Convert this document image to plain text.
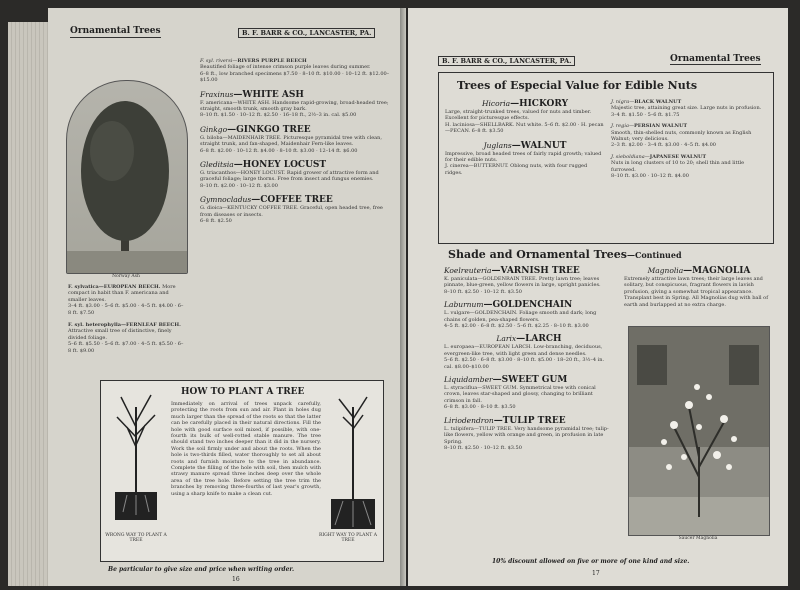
Ornamental Trees	B. F. BARR & CO., LANCASTER, PA.
Norway Ash
F. sylvatica—EUROPEAN BEECH. More compact in habit than F. americana and smaller leaves.
3–4 ft. $3.00 · 5–6 ft. $5.00 · 4–5 ft. $4.00 · 6–8 ft. $7.50
F. syl. heterophylla—FERNLEAF BEECH. Attractive small tree of distinctive, finely divided foliage.
5–6 ft. $5.50 · 5–6 ft. $7.00 · 4–5 ft. $5.50 · 6–8 ft. $9.00
F. syl. riversi—RIVERS PURPLE BEECH
Beautified foliage of intense crimson purple leaves during summer.
6–8 ft., low branched specimens $7.50 · 8–10 ft. $10.00 · 10–12 ft. $12.00–$15.00
Fraxinus—WHITE ASH
F. americana—WHITE ASH. Handsome rapid-growing, broad-headed tree; straight, smooth trunk, smooth gray bark.
8–10 ft. $1.50 · 10–12 ft. $2.50 · 16–18 ft., 2½–3 in. cal. $5.00
Ginkgo—GINKGO TREE
G. biloba—MAIDENHAIR TREE. Picturesque pyramidal tree with clean, straight trunk, and fan-shaped, Maidenhair Fern-like leaves.
6–8 ft. $2.00 · 10–12 ft. $4.00 · 8–10 ft. $3.00 · 12–14 ft. $6.00
Gleditsia—HONEY LOCUST
G. triacanthos—HONEY LOCUST. Rapid grower of attractive form and graceful foliage; large thorns. Free from insect and fungus enemies.
8–10 ft. $2.00 · 10–12 ft. $3.00
Gymnocladus—COFFEE TREE
G. dioica—KENTUCKY COFFEE TREE. Graceful, open headed tree, free from diseases or insects.
6–8 ft. $2.50
WRONG WAY TO PLANT A TREE
HOW TO PLANT A TREE
Immediately on arrival of trees unpack carefully, protecting the roots from sun and air. Plant in holes dug much larger than the spread of the roots so that the latter can be carefully placed in their natural directions. Fill the hole with good surface soil mixed, if possible, with one-fourth its bulk of well-rotted stable manure. The tree should stand two inches deeper than it did in the nursery. Work the soil firmly under and about the roots. When the hole is two-thirds filled, water thoroughly to set all about roots and furnish moisture to the tree in abundance. Complete the filling of the hole with soil, then mulch with strawy manure spread three inches deep over the whole area of the tree hole. Before setting the tree trim the branches by removing three-fourths of last year's growth, using a sharp knife to make a clean cut.
RIGHT WAY TO PLANT A TREE
Be particular to give size and price when writing order.
16
B. F. BARR & CO., LANCASTER, PA.	Ornamental Trees
Trees of Especial Value for Edible Nuts
Hicoria—HICKORY
Large, straight-trunked trees, valued for nuts and timber. Excellent for picturesque effects.
H. laciniosa—SHELLBARK. Nut white. 5–6 ft. $2.00 · H. pecan—PECAN. 6–8 ft. $3.50
Juglans—WALNUT
Impressive, broad headed trees of fairly rapid growth; valued for their edible nuts.
J. cinerea—BUTTERNUT. Oblong nuts, with four rugged ridges.
J. nigra—BLACK WALNUT
Majestic tree, attaining great size. Large nuts in profusion.
3–4 ft. $1.50 · 5–6 ft. $1.75
J. regia—PERSIAN WALNUT
Smooth, thin-shelled nuts, commonly known as English Walnut; very delicious.
2–3 ft. $2.00 · 3–4 ft. $3.00 · 4–5 ft. $4.00
J. sieboldiana—JAPANESE WALNUT
Nuts in long clusters of 10 to 20; shell thin and little furrowed.
8–10 ft. $3.00 · 10–12 ft. $4.00
Shade and Ornamental Trees—Continued
Koelreuteria—VARNISH TREE
K. paniculata—GOLDENRAIN TREE. Pretty lawn tree; leaves pinnate, blue-green, yellow flowers in large, upright panicles.
8–10 ft. $2.50 · 10–12 ft. $3.50
Laburnum—GOLDENCHAIN
L. vulgare—GOLDENCHAIN. Foliage smooth and dark; long chains of golden, pea-shaped flowers.
4–5 ft. $2.00 · 6–8 ft. $2.50 · 5–6 ft. $2.25 · 8–10 ft. $3.00
Larix—LARCH
L. europaea—EUROPEAN LARCH. Low-branching, deciduous, evergreen-like tree, with light green and dense needles.
5–6 ft. $2.50 · 6–8 ft. $3.00 · 8–10 ft. $5.00 · 18–20 ft., 3½–4 in. cal. $8.00–$10.00
Liquidamber—SWEET GUM
L. styraciflua—SWEET GUM. Symmetrical tree with conical crown, leaves star-shaped and glossy, changing to brilliant crimson in fall.
6–8 ft. $3.00 · 8–10 ft. $3.50
Liriodendron—TULIP TREE
L. tulipifera—TULIP TREE. Very handsome pyramidal tree; tulip-like flowers, yellow with orange and green, in profusion in late Spring.
8–10 ft. $2.50 · 10–12 ft. $3.50
Magnolia—MAGNOLIA
Extremely attractive lawn trees; their large leaves and solitary, but conspicuous, fragrant flowers in lavish profusion, giving a somewhat tropical appearance. Transplant best in Spring. All Magnolias dug with ball of earth and burlapped at no extra charge.
Saucer Magnolia
10% discount allowed on five or more of one kind and size.
17
